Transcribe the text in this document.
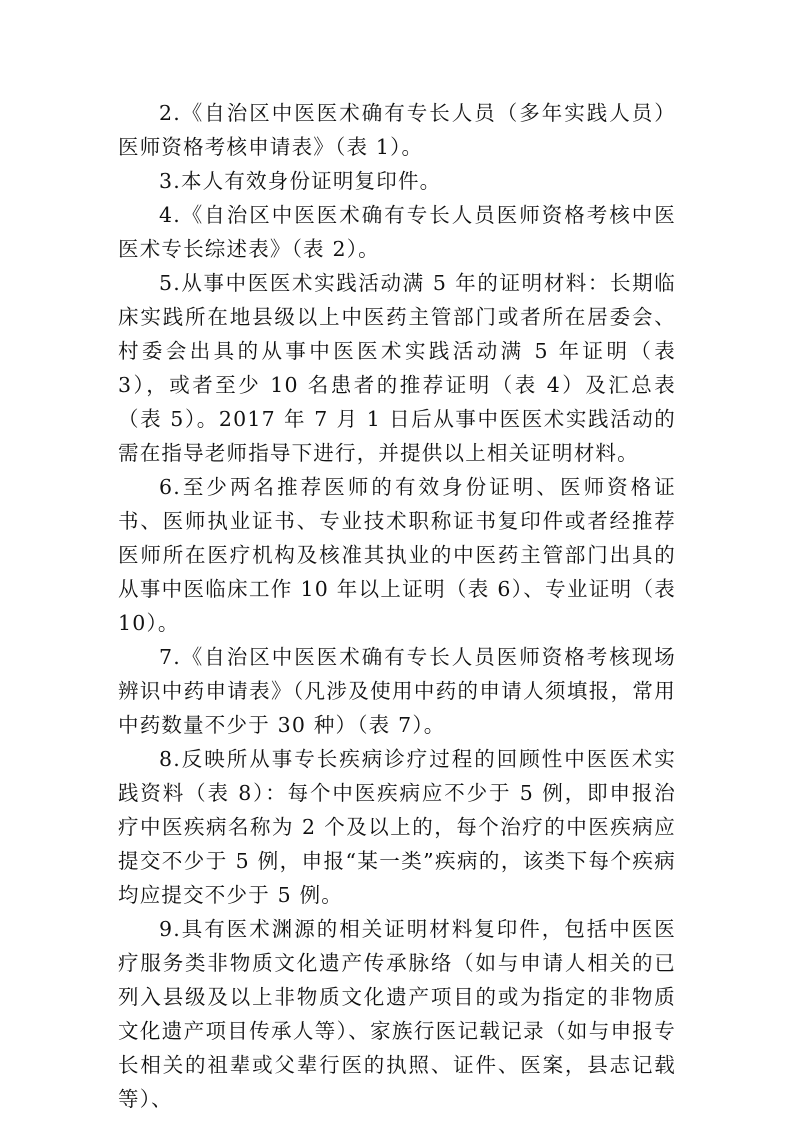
2.《自治区中医医术确有专长人员（多年实践人员）医师资格考核申请表》（表 1）。

3.本人有效身份证明复印件。

4.《自治区中医医术确有专长人员医师资格考核中医医术专长综述表》（表 2）。

5.从事中医医术实践活动满 5 年的证明材料：长期临床实践所在地县级以上中医药主管部门或者所在居委会、村委会出具的从事中医医术实践活动满 5 年证明（表 3），或者至少 10 名患者的推荐证明（表 4）及汇总表（表 5）。2017 年 7 月 1 日后从事中医医术实践活动的需在指导老师指导下进行，并提供以上相关证明材料。

6.至少两名推荐医师的有效身份证明、医师资格证书、医师执业证书、专业技术职称证书复印件或者经推荐医师所在医疗机构及核准其执业的中医药主管部门出具的从事中医临床工作 10 年以上证明（表 6）、专业证明（表 10）。

7.《自治区中医医术确有专长人员医师资格考核现场辨识中药申请表》（凡涉及使用中药的申请人须填报，常用中药数量不少于 30 种）（表 7）。

8.反映所从事专长疾病诊疗过程的回顾性中医医术实践资料（表 8）：每个中医疾病应不少于 5 例，即申报治疗中医疾病名称为 2 个及以上的，每个治疗的中医疾病应提交不少于 5 例，申报“某一类”疾病的，该类下每个疾病均应提交不少于 5 例。

9.具有医术渊源的相关证明材料复印件，包括中医医疗服务类非物质文化遗产传承脉络（如与申请人相关的已列入县级及以上非物质文化遗产项目的或为指定的非物质文化遗产项目传承人等）、家族行医记载记录（如与申报专长相关的祖辈或父辈行医的执照、证件、医案，县志记载等）、
